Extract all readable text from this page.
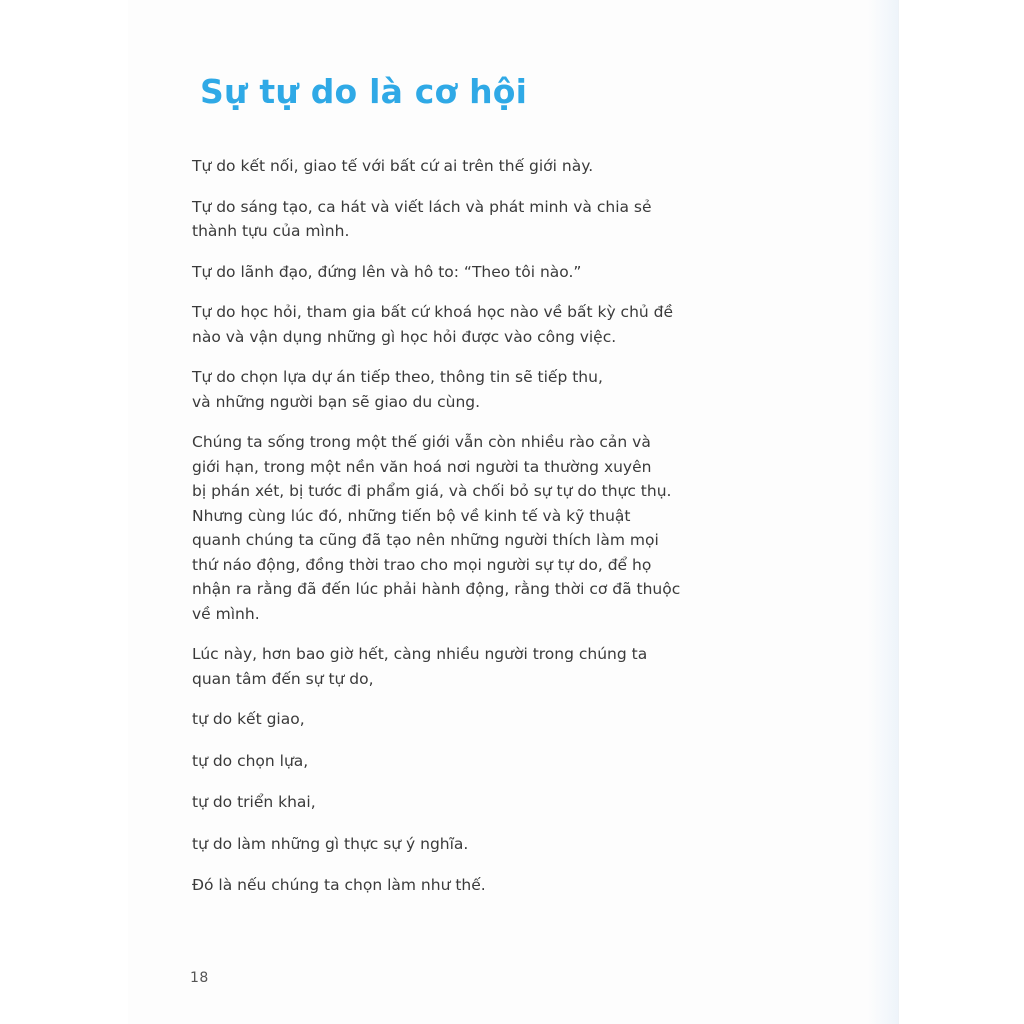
Sự tự do là cơ hội

Tự do kết nối, giao tế với bất cứ ai trên thế giới này.

Tự do sáng tạo, ca hát và viết lách và phát minh và chia sẻ
thành tựu của mình.

Tự do lãnh đạo, đứng lên và hô to: “Theo tôi nào.”

Tự do học hỏi, tham gia bất cứ khoá học nào về bất kỳ chủ đề
nào và vận dụng những gì học hỏi được vào công việc.

Tự do chọn lựa dự án tiếp theo, thông tin sẽ tiếp thu,
và những người bạn sẽ giao du cùng.

Chúng ta sống trong một thế giới vẫn còn nhiều rào cản và
giới hạn, trong một nền văn hoá nơi người ta thường xuyên
bị phán xét, bị tước đi phẩm giá, và chối bỏ sự tự do thực thụ.
Nhưng cùng lúc đó, những tiến bộ về kinh tế và kỹ thuật
quanh chúng ta cũng đã tạo nên những người thích làm mọi
thứ náo động, đồng thời trao cho mọi người sự tự do, để họ
nhận ra rằng đã đến lúc phải hành động, rằng thời cơ đã thuộc
về mình.

Lúc này, hơn bao giờ hết, càng nhiều người trong chúng ta
quan tâm đến sự tự do,

tự do kết giao,

tự do chọn lựa,

tự do triển khai,

tự do làm những gì thực sự ý nghĩa.

Đó là nếu chúng ta chọn làm như thế.

18
